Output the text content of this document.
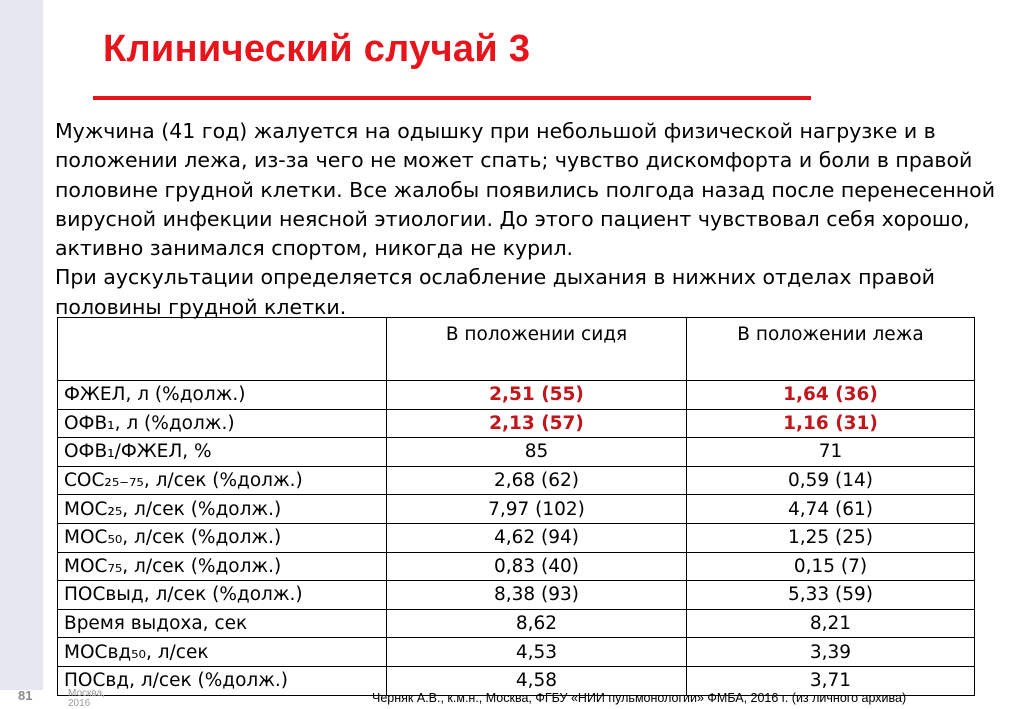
Клинический случай 3

Мужчина (41 год) жалуется на одышку при небольшой физической нагрузке и в положении лежа, из-за чего не может спать; чувство дискомфорта и боли в правой половине грудной клетки. Все жалобы появились полгода назад после перенесенной вирусной инфекции неясной этиологии. До этого пациент чувствовал себя хорошо, активно занимался спортом, никогда не курил.

При аускультации определяется ослабление дыхания в нижних отделах правой половины грудной клетки.

	В положении сидя	В положении лежа
ФЖЕЛ, л (%долж.)	2,51 (55)	1,64 (36)
ОФВ₁, л (%долж.)	2,13 (57)	1,16 (31)
ОФВ₁/ФЖЕЛ, %	85	71
СОС₂₅₋₇₅, л/сек (%долж.)	2,68 (62)	0,59 (14)
МОС₂₅, л/сек (%долж.)	7,97 (102)	4,74 (61)
МОС₅₀, л/сек (%долж.)	4,62 (94)	1,25 (25)
МОС₇₅, л/сек (%долж.)	0,83 (40)	0,15 (7)
ПОСвыд, л/сек (%долж.)	8,38 (93)	5,33 (59)
Время выдоха, сек	8,62	8,21
МОСвд₅₀, л/сек	4,53	3,39
ПОСвд, л/сек (%долж.)	4,58	3,71
81	Москва,
2016	Черняк А.В., к.м.н., Москва, ФГБУ «НИИ пульмонологии» ФМБА, 2016 г. (из личного архива)
